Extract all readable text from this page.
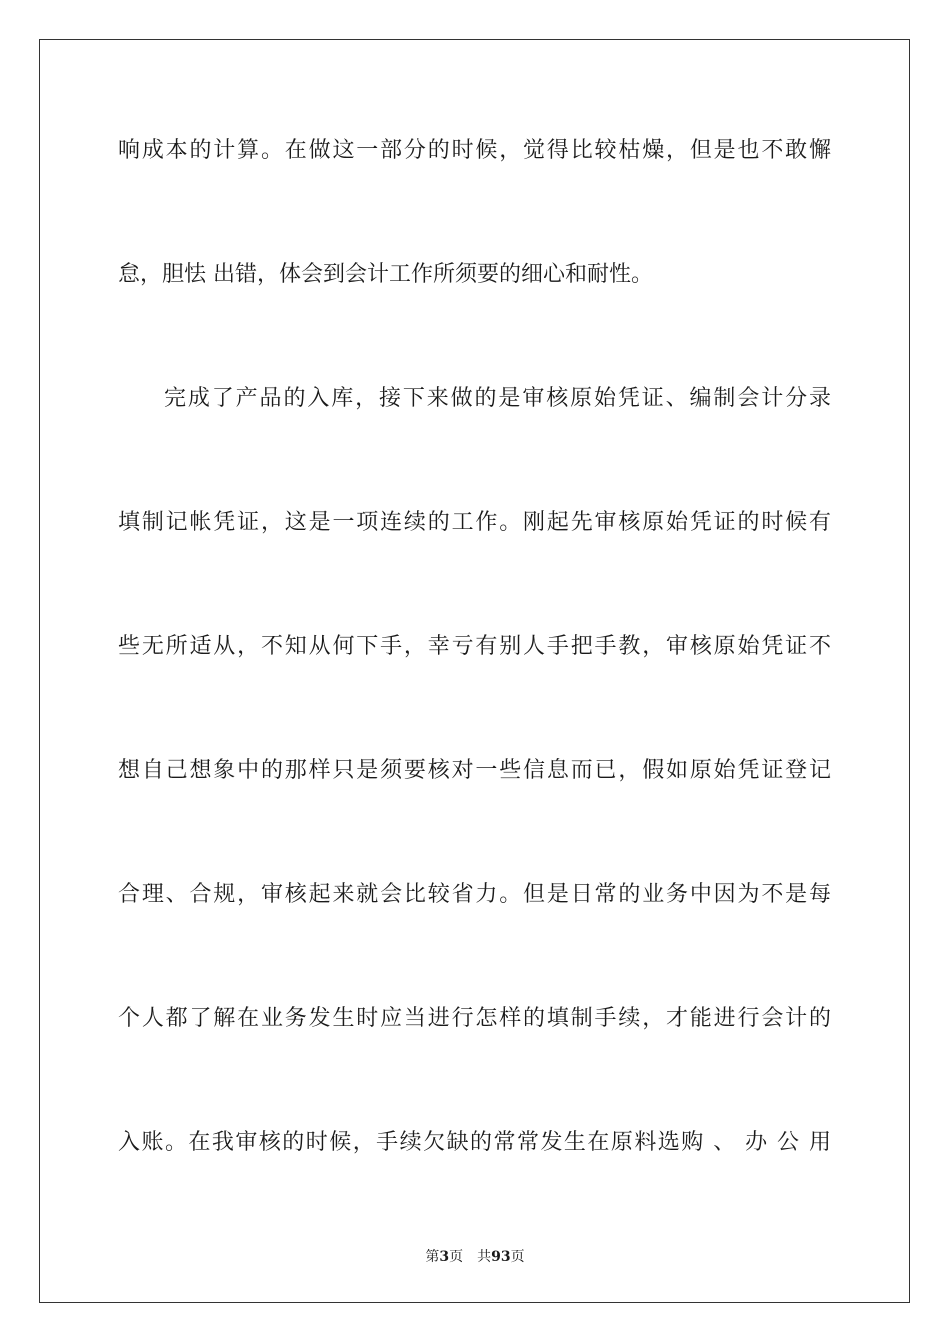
响成本的计算。在做这一部分的时候，觉得比较枯燥，但是也不敢懈
怠，胆怯 出错，体会到会计工作所须要的细心和耐性。
完成了产品的入库，接下来做的是审核原始凭证、编制会计分录
填制记帐凭证，这是一项连续的工作。刚起先审核原始凭证的时候有
些无所适从，不知从何下手，幸亏有别人手把手教，审核原始凭证不
想自己想象中的那样只是须要核对一些信息而已，假如原始凭证登记
合理、合规，审核起来就会比较省力。但是日常的业务中因为不是每
个人都了解在业务发生时应当进行怎样的填制手续，才能进行会计的
入账。在我审核的时候，手续欠缺的常常发生在原料选购 、 办 公 用
第3页 共93页
